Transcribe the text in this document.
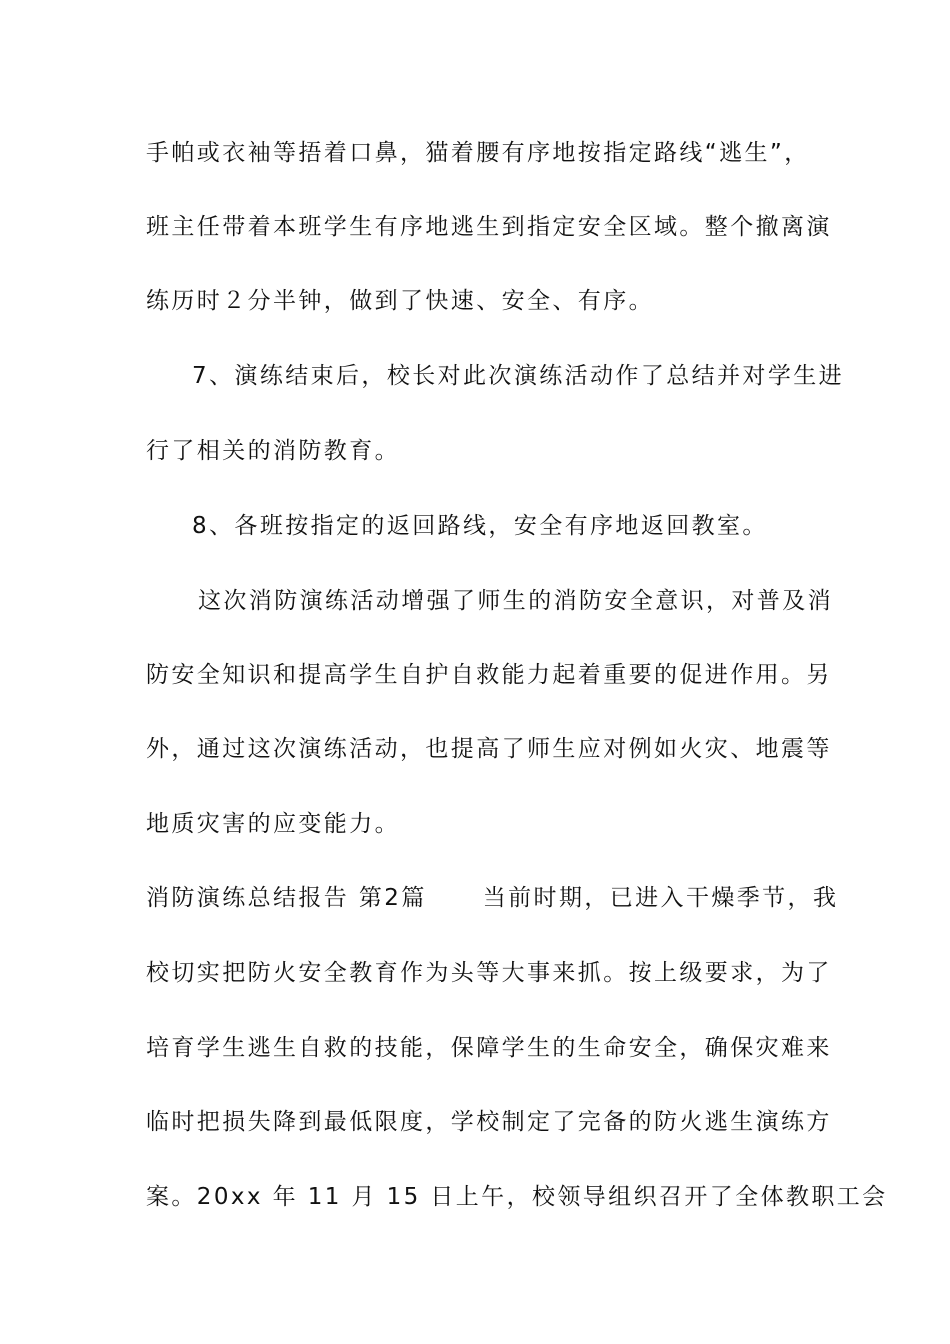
手帕或衣袖等捂着口鼻，猫着腰有序地按指定路线“逃生”，
班主任带着本班学生有序地逃生到指定安全区域。整个撤离演
练历时２分半钟，做到了快速、安全、有序。
7、演练结束后，校长对此次演练活动作了总结并对学生进
行了相关的消防教育。
8、各班按指定的返回路线，安全有序地返回教室。
这次消防演练活动增强了师生的消防安全意识，对普及消
防安全知识和提高学生自护自救能力起着重要的促进作用。另
外，通过这次演练活动，也提高了师生应对例如火灾、地震等
地质灾害的应变能力。
消防演练总结报告 第2篇 当前时期，已进入干燥季节，我
校切实把防火安全教育作为头等大事来抓。按上级要求，为了
培育学生逃生自救的技能，保障学生的生命安全，确保灾难来
临时把损失降到最低限度，学校制定了完备的防火逃生演练方
案。20xx 年 11 月 15 日上午，校领导组织召开了全体教职工会
